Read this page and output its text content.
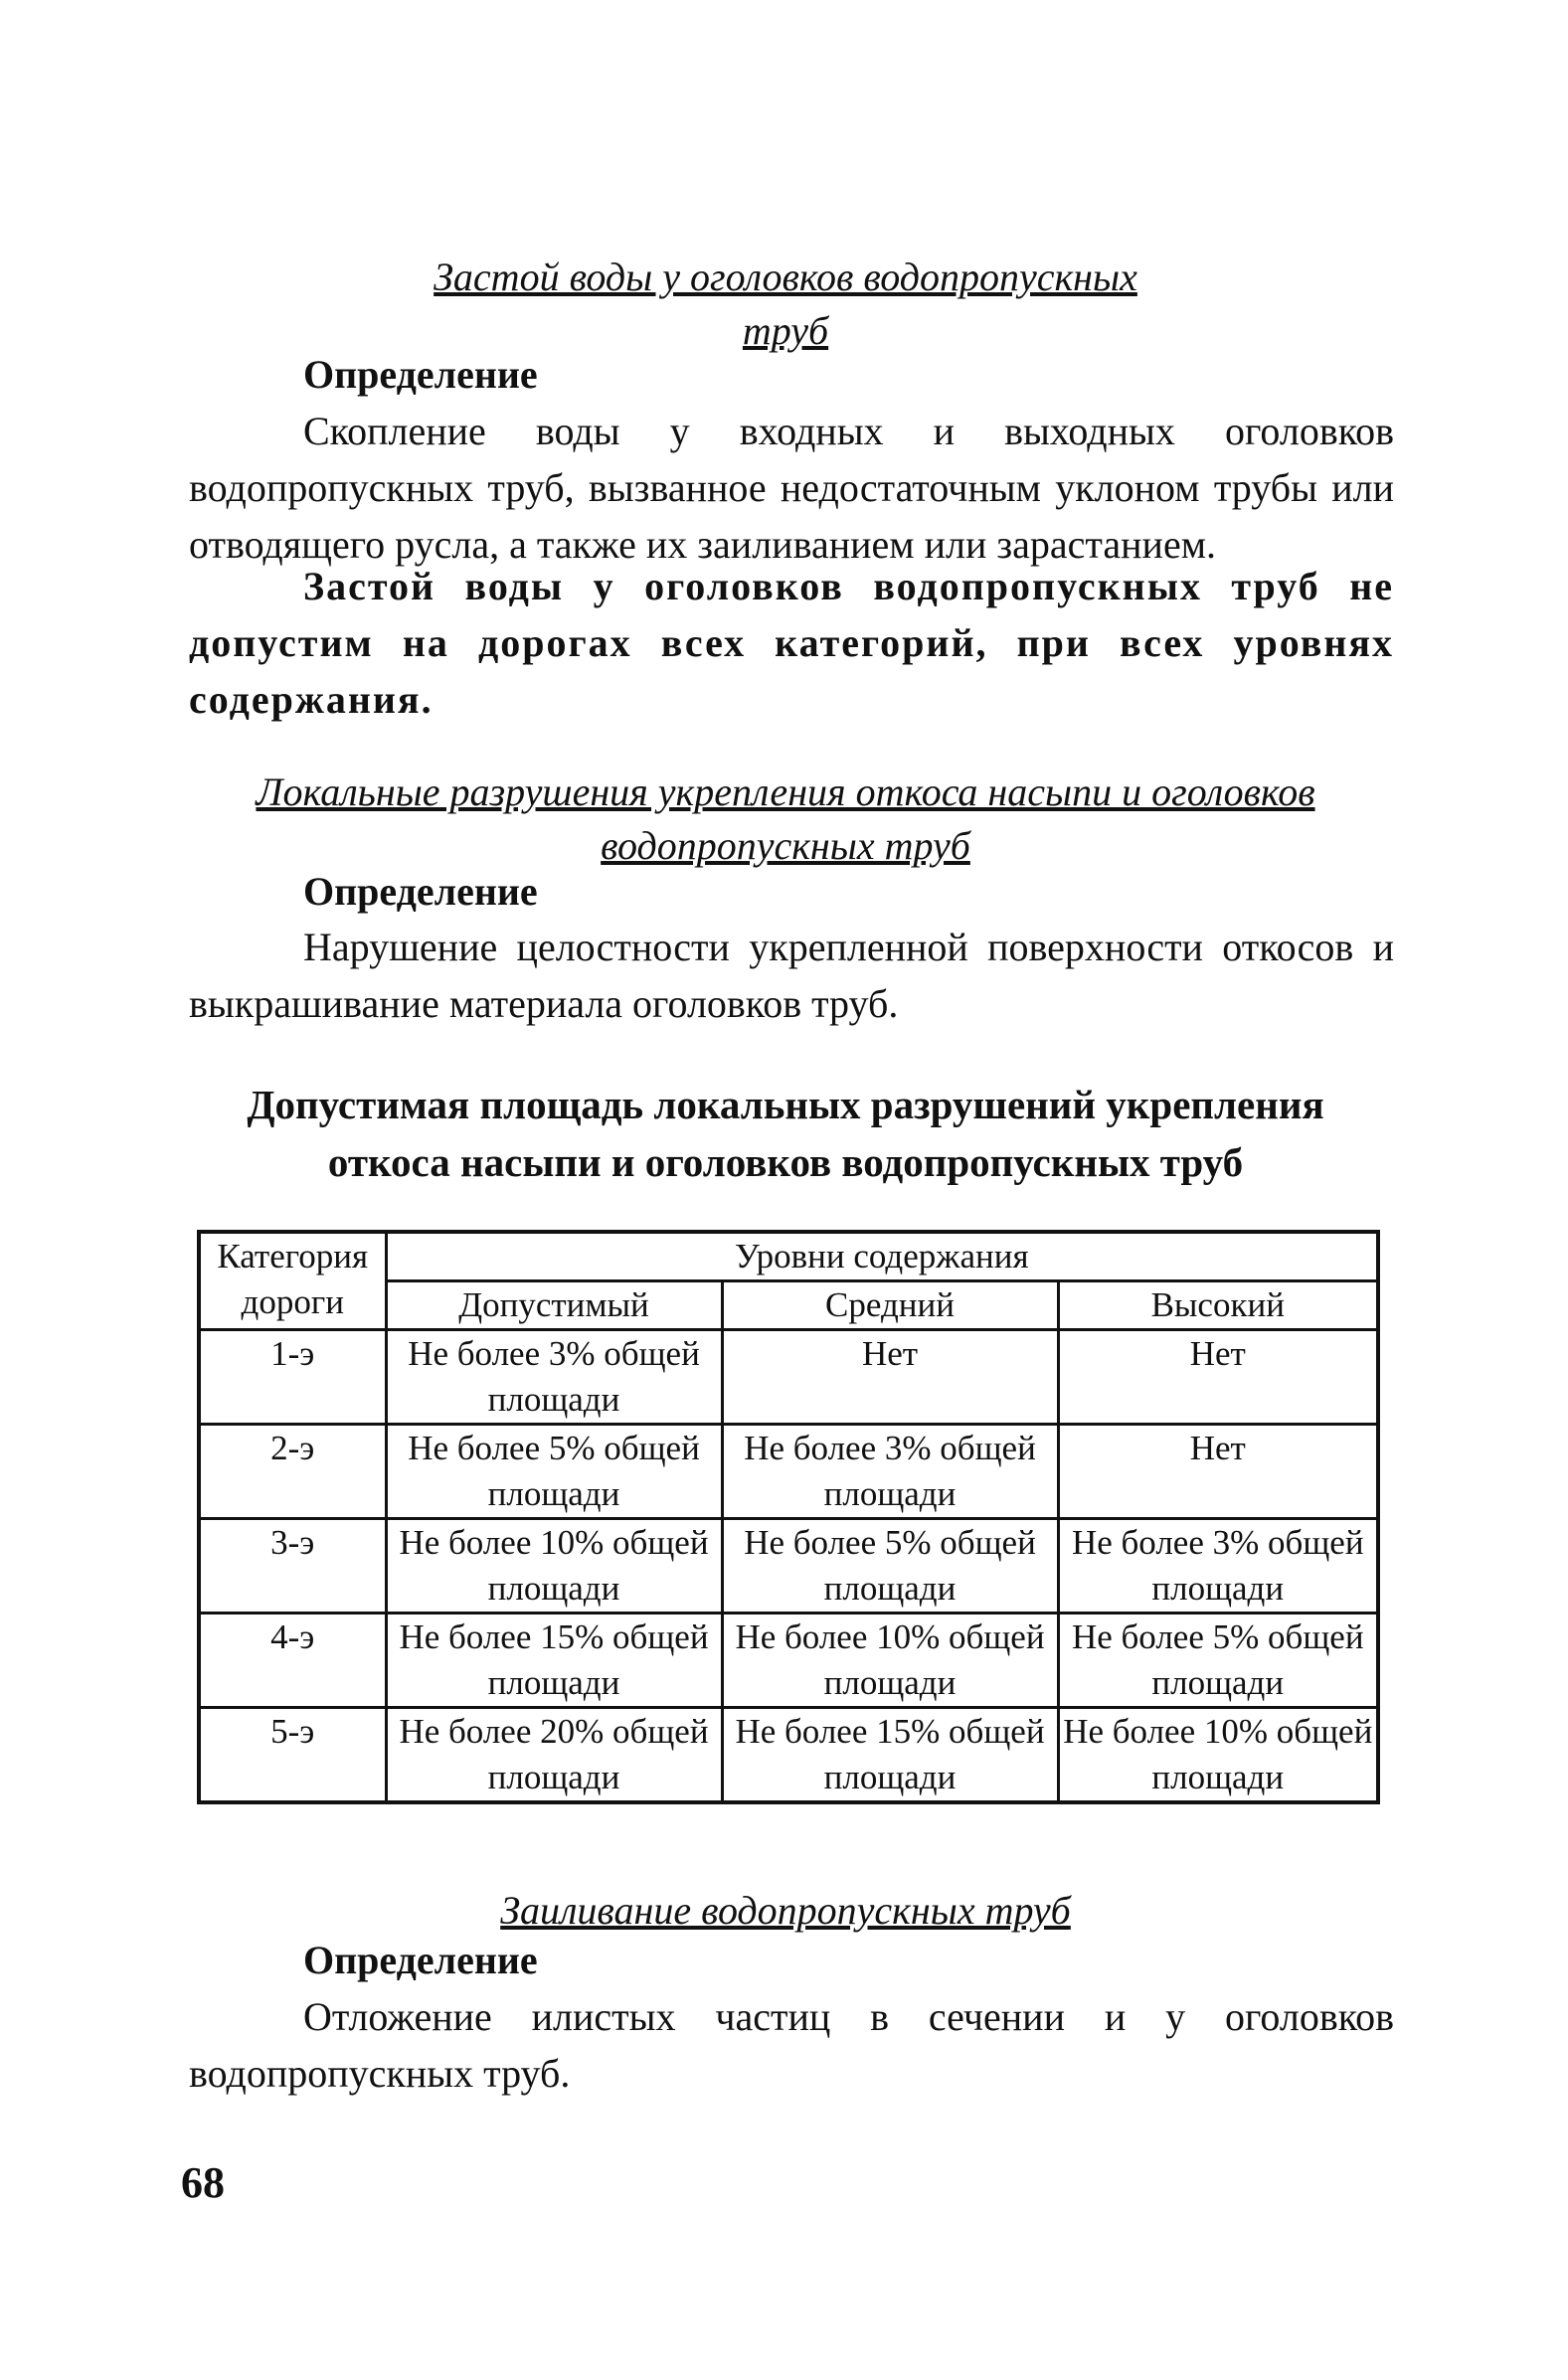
Застой воды у оголовков водопропускных
труб
Определение
Скопление воды у входных и выходных оголовков водопропускных труб, вызванное недостаточным уклоном трубы или отводящего русла, а также их заиливанием или зарастанием.
Застой воды у оголовков водопропускных труб не допустим на дорогах всех категорий, при всех уровнях содержания.
Локальные разрушения укрепления откоса насыпи и оголовков
водопропускных труб
Определение
Нарушение целостности укрепленной поверхности откосов и выкрашивание материала оголовков труб.
Допустимая площадь локальных разрушений укрепления
откоса насыпи и оголовков водопропускных труб
Категория
дороги	Уровни содержания		
	Допустимый	Средний	Высокий
1-э	Не более 3% общей площади	Нет	Нет
2-э	Не более 5% общей площади	Не более 3% общей площади	Нет
3-э	Не более 10% общей площади	Не более 5% общей площади	Не более 3% общей площади
4-э	Не более 15% общей площади	Не более 10% общей площади	Не более 5% общей площади
5-э	Не более 20% общей площади	Не более 15% общей площади	Не более 10% общей площади
Заиливание водопропускных труб
Определение
Отложение илистых частиц в сечении и у оголовков водопропускных труб.
68
